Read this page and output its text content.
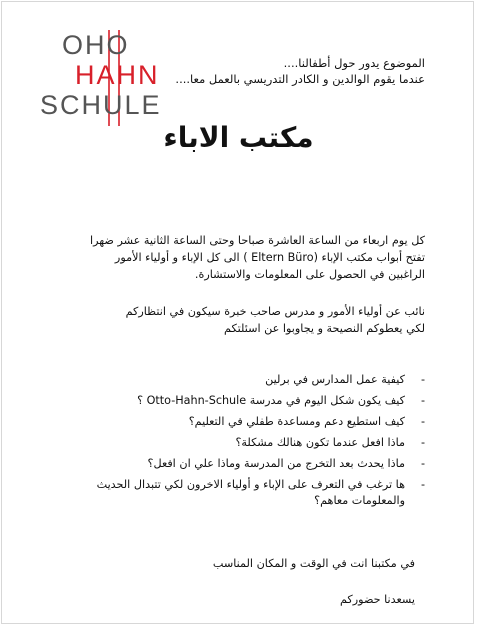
OHO
HAHN
SCHULE
الموضوع يدور حول أطفالنا....
عندما يقوم الوالدين و الكادر التدريسي بالعمل معا....
مكتب الاباء
كل يوم اربعاء من الساعة العاشرة صباحا وحتى الساعة الثانية عشر ضهرا
تفتح أبواب مكتب الإباء (Eltern Büro ) الى كل الإباء و أولياء الأمور
الراغبين في الحصول على المعلومات والاستشارة.
نائب عن أولياء الأمور و مدرس صاحب خبرة سيكون في انتظاركم
لكي يعطوكم النصيحة و يجاوبوا عن اسئلتكم
-
كيفية عمل المدارس في برلين
-
كيف يكون شكل اليوم في مدرسة Otto-Hahn-Schule ؟
-
كيف استطيع دعم ومساعدة طفلي في التعليم؟
-
ماذا افعل عندما تكون هنالك مشكلة؟
-
ماذا يحدث بعد التخرج من المدرسة وماذا علي ان افعل؟
-
ها ترغب في التعرف على الإباء و أولياء الاخرون لكي تتبدال الحديث والمعلومات معاهم؟
في مكتبنا انت في الوقت و المكان المناسب
يسعدنا حضوركم
